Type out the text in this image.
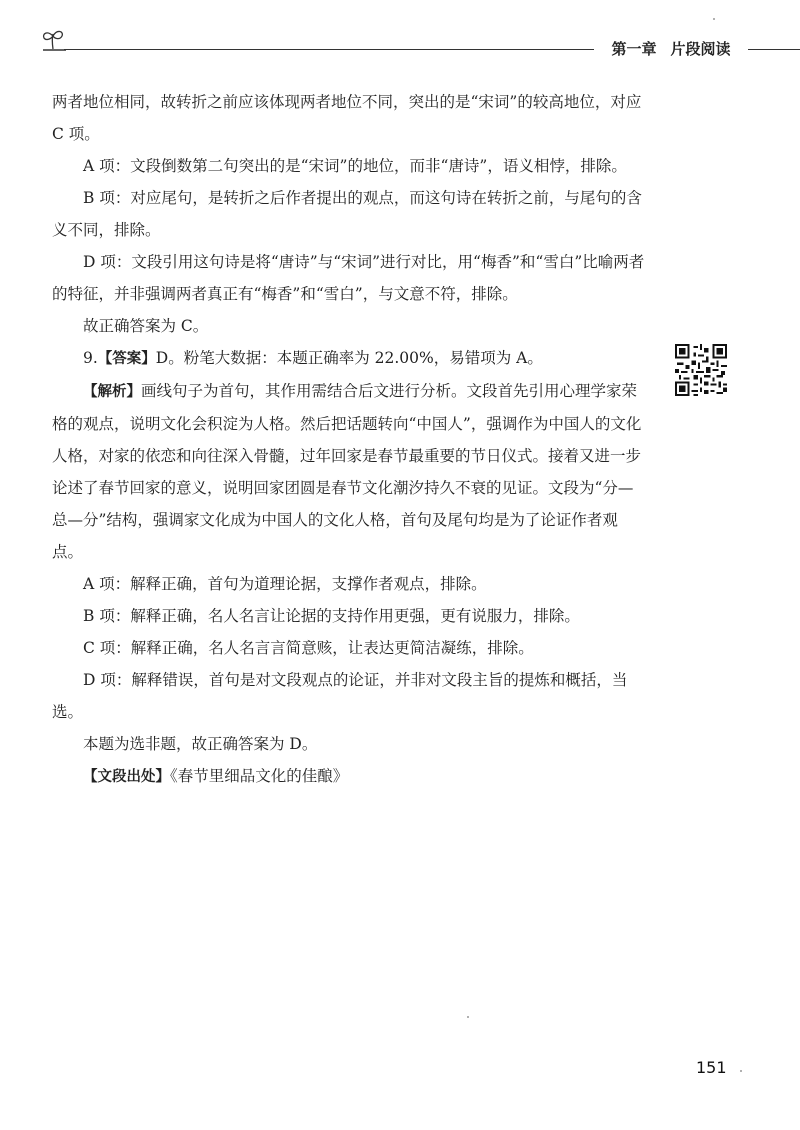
第一章 片段阅读

两者地位相同，故转折之前应该体现两者地位不同，突出的是“宋词”的较高地位，对应 C 项。

A 项：文段倒数第二句突出的是“宋词”的地位，而非“唐诗”，语义相悖，排除。

B 项：对应尾句，是转折之后作者提出的观点，而这句诗在转折之前，与尾句的含义不同，排除。

D 项：文段引用这句诗是将“唐诗”与“宋词”进行对比，用“梅香”和“雪白”比喻两者的特征，并非强调两者真正有“梅香”和“雪白”，与文意不符，排除。

故正确答案为 C。

9.【答案】D。粉笔大数据：本题正确率为 22.00%，易错项为 A。

【解析】画线句子为首句，其作用需结合后文进行分析。文段首先引用心理学家荣格的观点，说明文化会积淀为人格。然后把话题转向“中国人”，强调作为中国人的文化人格，对家的依恋和向往深入骨髓，过年回家是春节最重要的节日仪式。接着又进一步论述了春节回家的意义，说明回家团圆是春节文化潮汐持久不衰的见证。文段为“分—总—分”结构，强调家文化成为中国人的文化人格，首句及尾句均是为了论证作者观点。

A 项：解释正确，首句为道理论据，支撑作者观点，排除。

B 项：解释正确，名人名言让论据的支持作用更强，更有说服力，排除。

C 项：解释正确，名人名言言简意赅，让表达更简洁凝练，排除。

D 项：解释错误，首句是对文段观点的论证，并非对文段主旨的提炼和概括，当选。

本题为选非题，故正确答案为 D。

【文段出处】《春节里细品文化的佳酿》

151
